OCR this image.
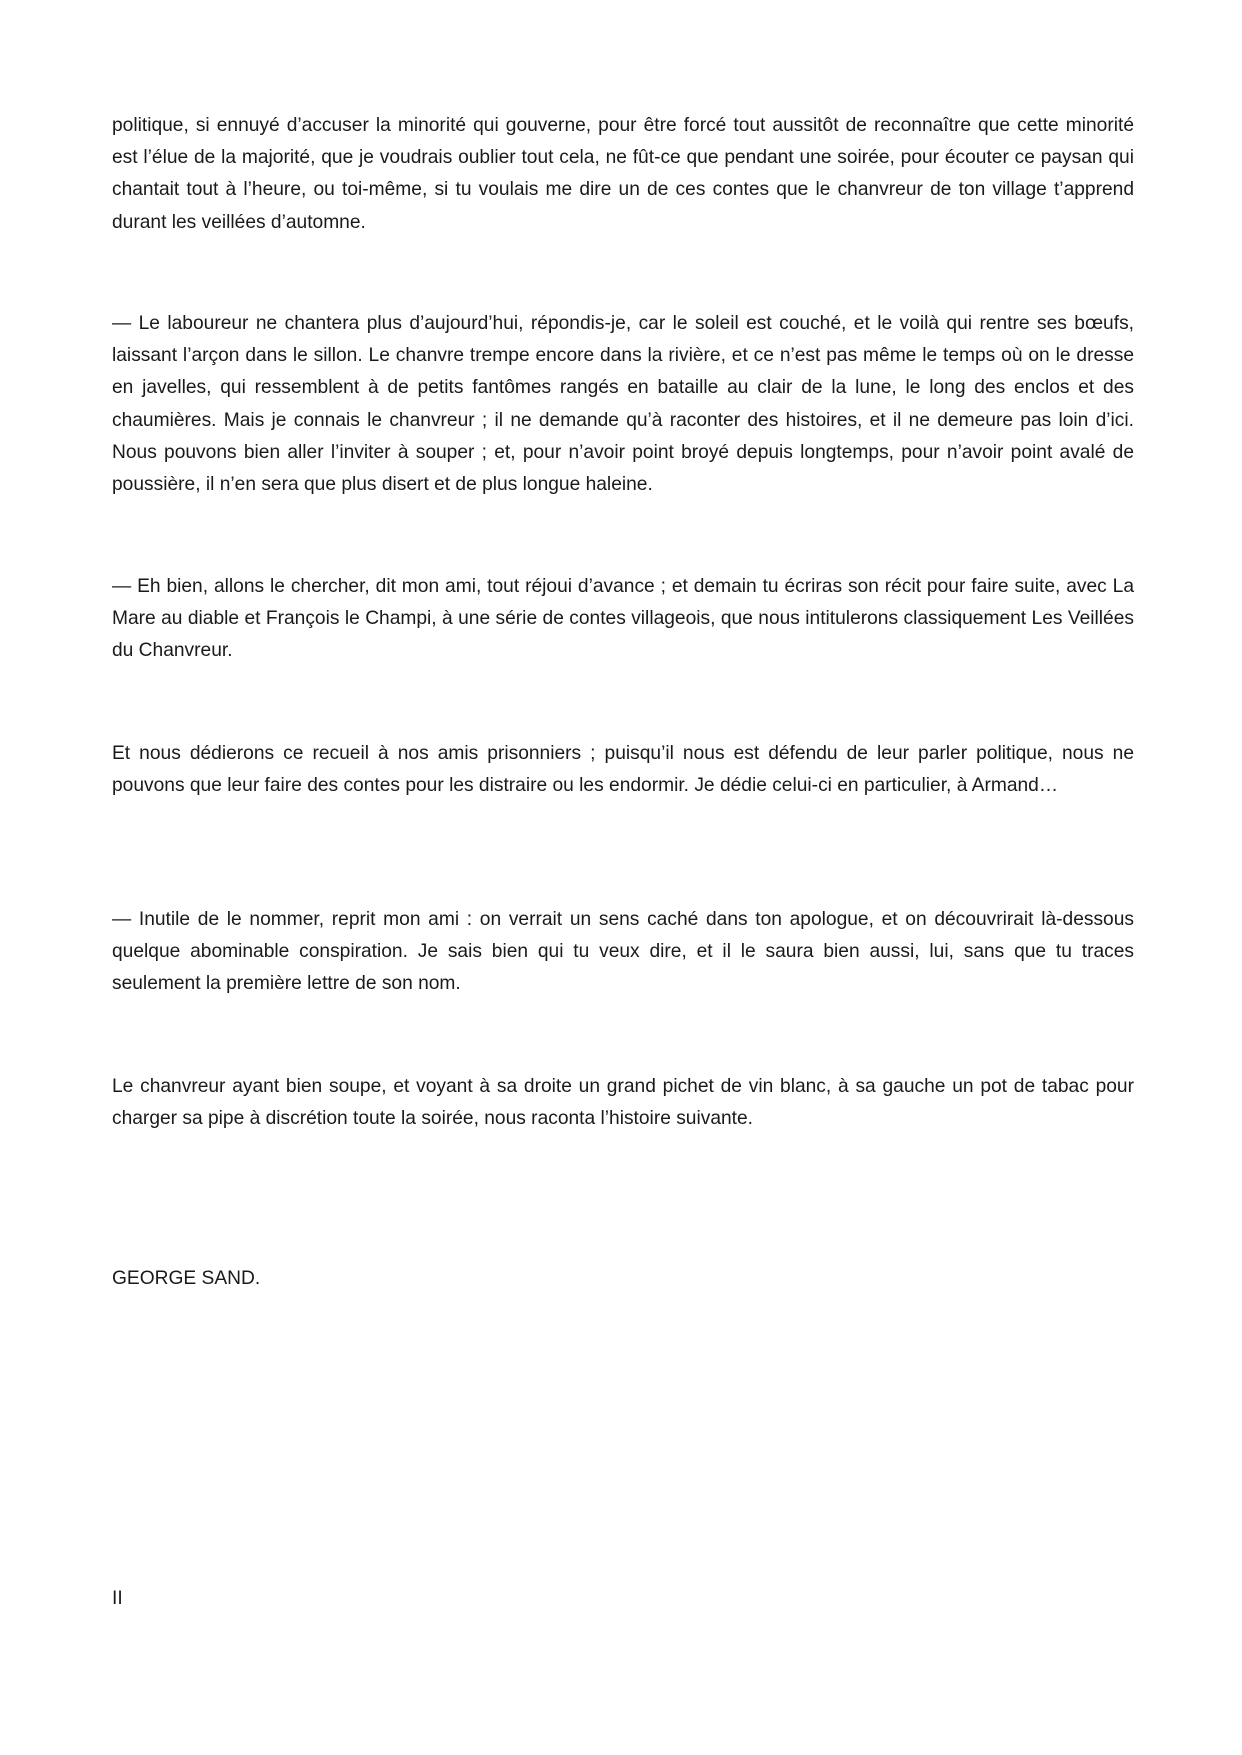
politique, si ennuyé d’accuser la minorité qui gouverne, pour être forcé tout aussitôt de reconnaître que cette minorité est l’élue de la majorité, que je voudrais oublier tout cela, ne fût-ce que pendant une soirée, pour écouter ce paysan qui chantait tout à l’heure, ou toi-même, si tu voulais me dire un de ces contes que le chanvreur de ton village t’apprend durant les veillées d’automne.

— Le laboureur ne chantera plus d’aujourd’hui, répondis-je, car le soleil est couché, et le voilà qui rentre ses bœufs, laissant l’arçon dans le sillon. Le chanvre trempe encore dans la rivière, et ce n’est pas même le temps où on le dresse en javelles, qui ressemblent à de petits fantômes rangés en bataille au clair de la lune, le long des enclos et des chaumières. Mais je connais le chanvreur ; il ne demande qu’à raconter des histoires, et il ne demeure pas loin d’ici. Nous pouvons bien aller l’inviter à souper ; et, pour n’avoir point broyé depuis longtemps, pour n’avoir point avalé de poussière, il n’en sera que plus disert et de plus longue haleine.

— Eh bien, allons le chercher, dit mon ami, tout réjoui d’avance ; et demain tu écriras son récit pour faire suite, avec La Mare au diable et François le Champi, à une série de contes villageois, que nous intitulerons classiquement Les Veillées du Chanvreur.

Et nous dédierons ce recueil à nos amis prisonniers ; puisqu’il nous est défendu de leur parler politique, nous ne pouvons que leur faire des contes pour les distraire ou les endormir. Je dédie celui-ci en particulier, à Armand…

— Inutile de le nommer, reprit mon ami : on verrait un sens caché dans ton apologue, et on découvrirait là-dessous quelque abominable conspiration. Je sais bien qui tu veux dire, et il le saura bien aussi, lui, sans que tu traces seulement la première lettre de son nom.

Le chanvreur ayant bien soupe, et voyant à sa droite un grand pichet de vin blanc, à sa gauche un pot de tabac pour charger sa pipe à discrétion toute la soirée, nous raconta l’histoire suivante.

GEORGE SAND.

II
